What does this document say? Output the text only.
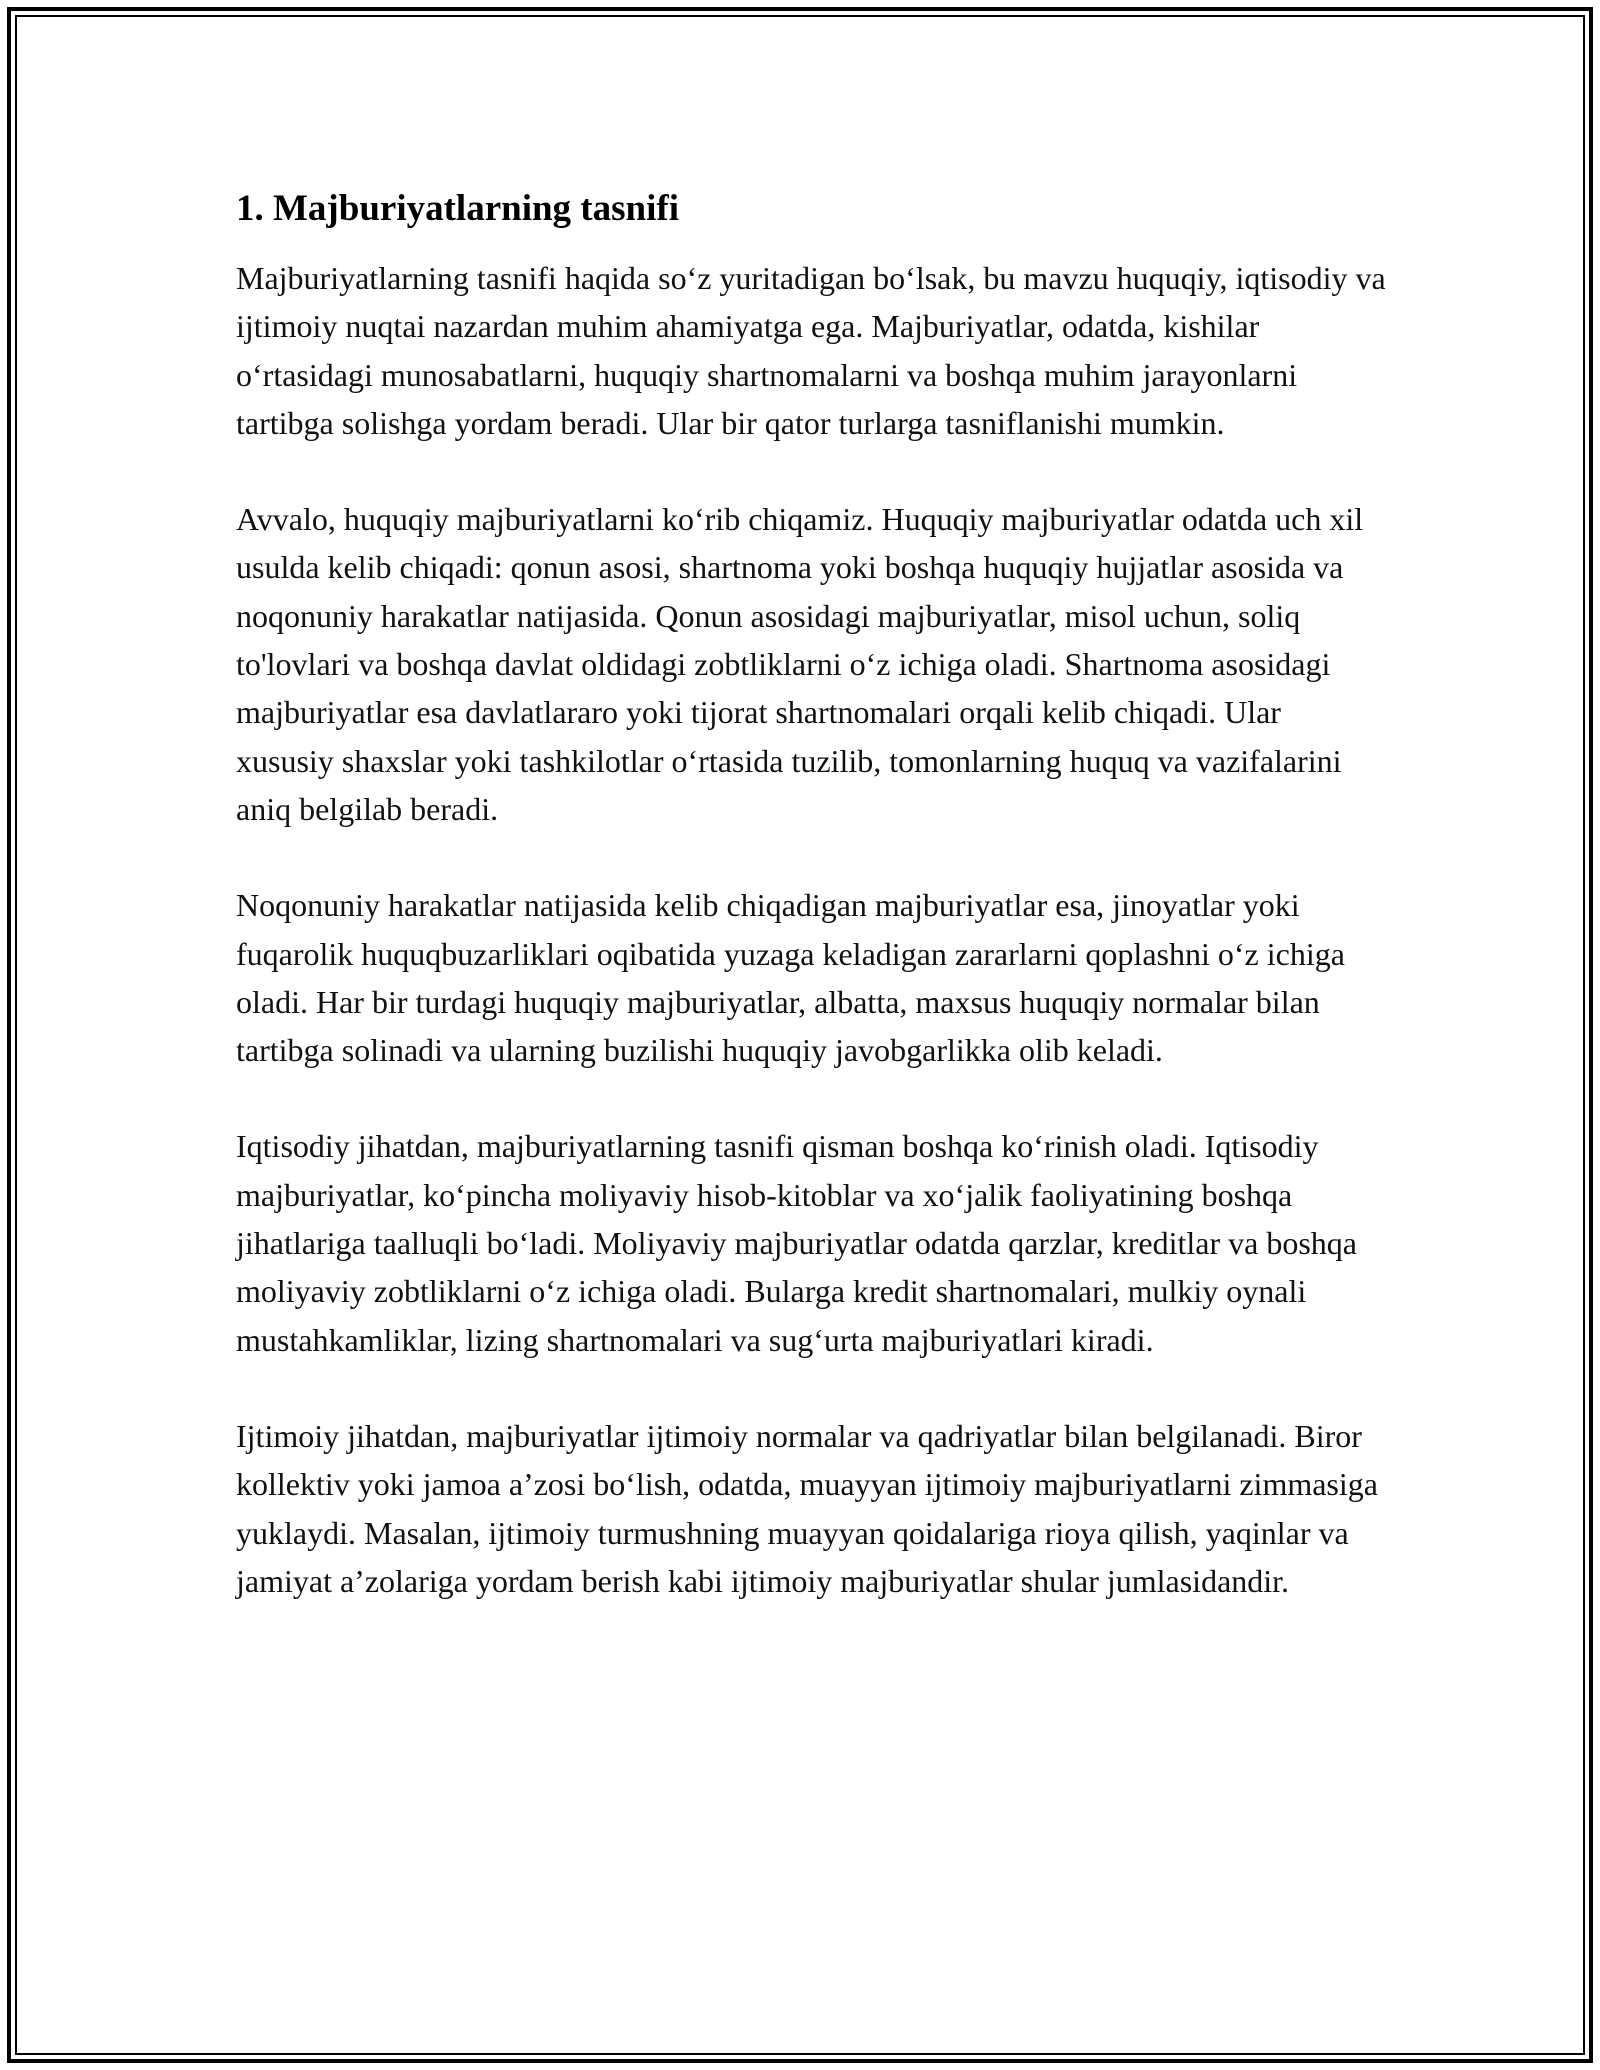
1. Majburiyatlarning tasnifi

Majburiyatlarning tasnifi haqida so‘z yuritadigan bo‘lsak, bu mavzu huquqiy, iqtisodiy va ijtimoiy nuqtai nazardan muhim ahamiyatga ega. Majburiyatlar, odatda, kishilar o‘rtasidagi munosabatlarni, huquqiy shartnomalarni va boshqa muhim jarayonlarni tartibga solishga yordam beradi. Ular bir qator turlarga tasniflanishi mumkin.

Avvalo, huquqiy majburiyatlarni ko‘rib chiqamiz. Huquqiy majburiyatlar odatda uch xil usulda kelib chiqadi: qonun asosi, shartnoma yoki boshqa huquqiy hujjatlar asosida va noqonuniy harakatlar natijasida. Qonun asosidagi majburiyatlar, misol uchun, soliq to'lovlari va boshqa davlat oldidagi zobtliklarni o‘z ichiga oladi. Shartnoma asosidagi majburiyatlar esa davlatlararo yoki tijorat shartnomalari orqali kelib chiqadi. Ular xususiy shaxslar yoki tashkilotlar o‘rtasida tuzilib, tomonlarning huquq va vazifalarini aniq belgilab beradi.

Noqonuniy harakatlar natijasida kelib chiqadigan majburiyatlar esa, jinoyatlar yoki fuqarolik huquqbuzarliklari oqibatida yuzaga keladigan zararlarni qoplashni o‘z ichiga oladi. Har bir turdagi huquqiy majburiyatlar, albatta, maxsus huquqiy normalar bilan tartibga solinadi va ularning buzilishi huquqiy javobgarlikka olib keladi.

Iqtisodiy jihatdan, majburiyatlarning tasnifi qisman boshqa ko‘rinish oladi. Iqtisodiy majburiyatlar, ko‘pincha moliyaviy hisob-kitoblar va xo‘jalik faoliyatining boshqa jihatlariga taalluqli bo‘ladi. Moliyaviy majburiyatlar odatda qarzlar, kreditlar va boshqa moliyaviy zobtliklarni o‘z ichiga oladi. Bularga kredit shartnomalari, mulkiy oynali mustahkamliklar, lizing shartnomalari va sug‘urta majburiyatlari kiradi.

Ijtimoiy jihatdan, majburiyatlar ijtimoiy normalar va qadriyatlar bilan belgilanadi. Biror kollektiv yoki jamoa a’zosi bo‘lish, odatda, muayyan ijtimoiy majburiyatlarni zimmasiga yuklaydi. Masalan, ijtimoiy turmushning muayyan qoidalariga rioya qilish, yaqinlar va jamiyat a’zolariga yordam berish kabi ijtimoiy majburiyatlar shular jumlasidandir.
